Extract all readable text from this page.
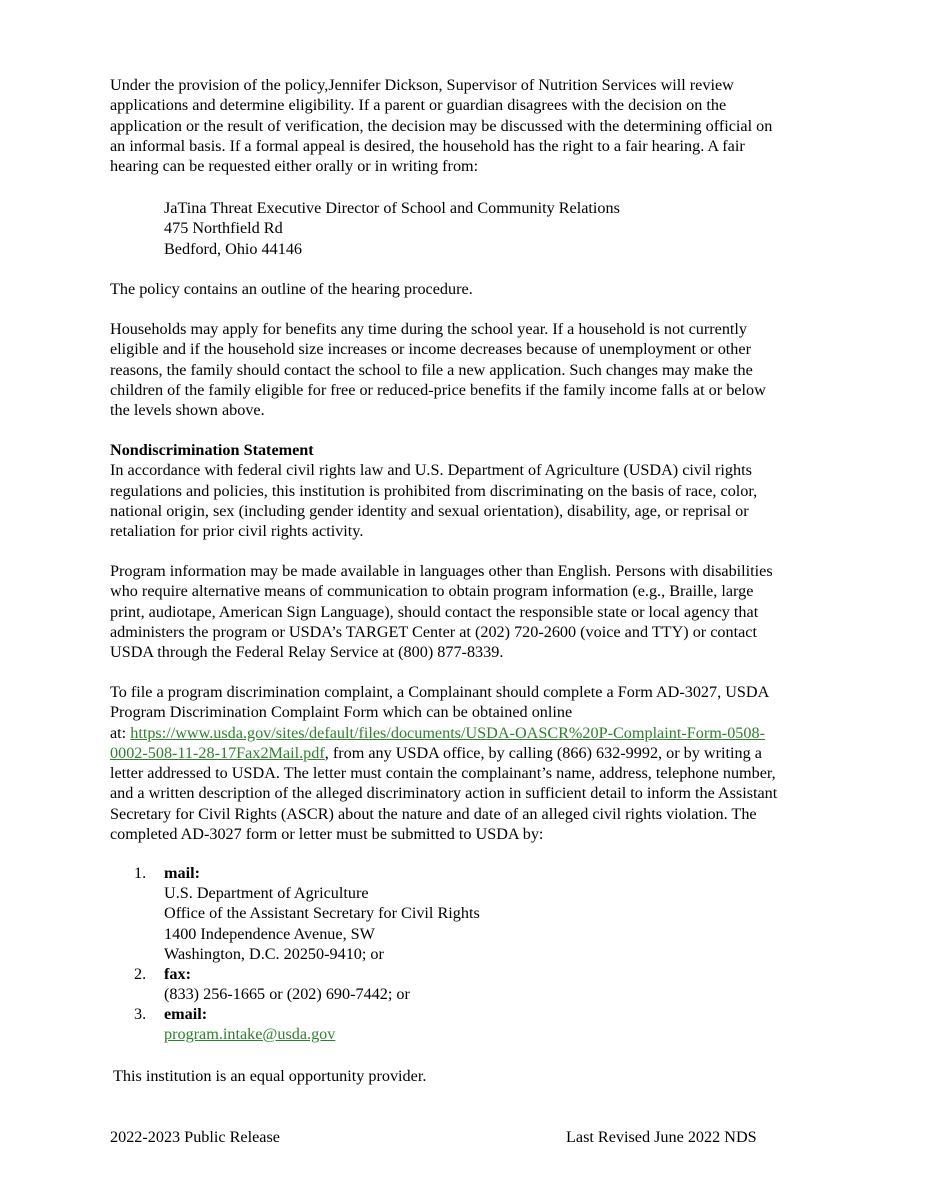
Under the provision of the policy,Jennifer Dickson, Supervisor of Nutrition Services will review
applications and determine eligibility. If a parent or guardian disagrees with the decision on the
application or the result of verification, the decision may be discussed with the determining official on
an informal basis. If a formal appeal is desired, the household has the right to a fair hearing. A fair
hearing can be requested either orally or in writing from:
JaTina Threat Executive Director of School and Community Relations
475 Northfield Rd
Bedford, Ohio 44146
The policy contains an outline of the hearing procedure.
Households may apply for benefits any time during the school year. If a household is not currently
eligible and if the household size increases or income decreases because of unemployment or other
reasons, the family should contact the school to file a new application. Such changes may make the
children of the family eligible for free or reduced-price benefits if the family income falls at or below
the levels shown above.
Nondiscrimination Statement
In accordance with federal civil rights law and U.S. Department of Agriculture (USDA) civil rights
regulations and policies, this institution is prohibited from discriminating on the basis of race, color,
national origin, sex (including gender identity and sexual orientation), disability, age, or reprisal or
retaliation for prior civil rights activity.
Program information may be made available in languages other than English. Persons with disabilities
who require alternative means of communication to obtain program information (e.g., Braille, large
print, audiotape, American Sign Language), should contact the responsible state or local agency that
administers the program or USDA’s TARGET Center at (202) 720-2600 (voice and TTY) or contact
USDA through the Federal Relay Service at (800) 877-8339.
To file a program discrimination complaint, a Complainant should complete a Form AD-3027, USDA
Program Discrimination Complaint Form which can be obtained online
at: https://www.usda.gov/sites/default/files/documents/USDA-OASCR%20P-Complaint-Form-0508-
0002-508-11-28-17Fax2Mail.pdf, from any USDA office, by calling (866) 632-9992, or by writing a
letter addressed to USDA. The letter must contain the complainant’s name, address, telephone number,
and a written description of the alleged discriminatory action in sufficient detail to inform the Assistant
Secretary for Civil Rights (ASCR) about the nature and date of an alleged civil rights violation. The
completed AD-3027 form or letter must be submitted to USDA by:
1. mail:
U.S. Department of Agriculture
Office of the Assistant Secretary for Civil Rights
1400 Independence Avenue, SW
Washington, D.C. 20250-9410; or
2. fax:
(833) 256-1665 or (202) 690-7442; or
3. email:
program.intake@usda.gov
This institution is an equal opportunity provider.
2022-2023 Public Release	Last Revised June 2022 NDS
